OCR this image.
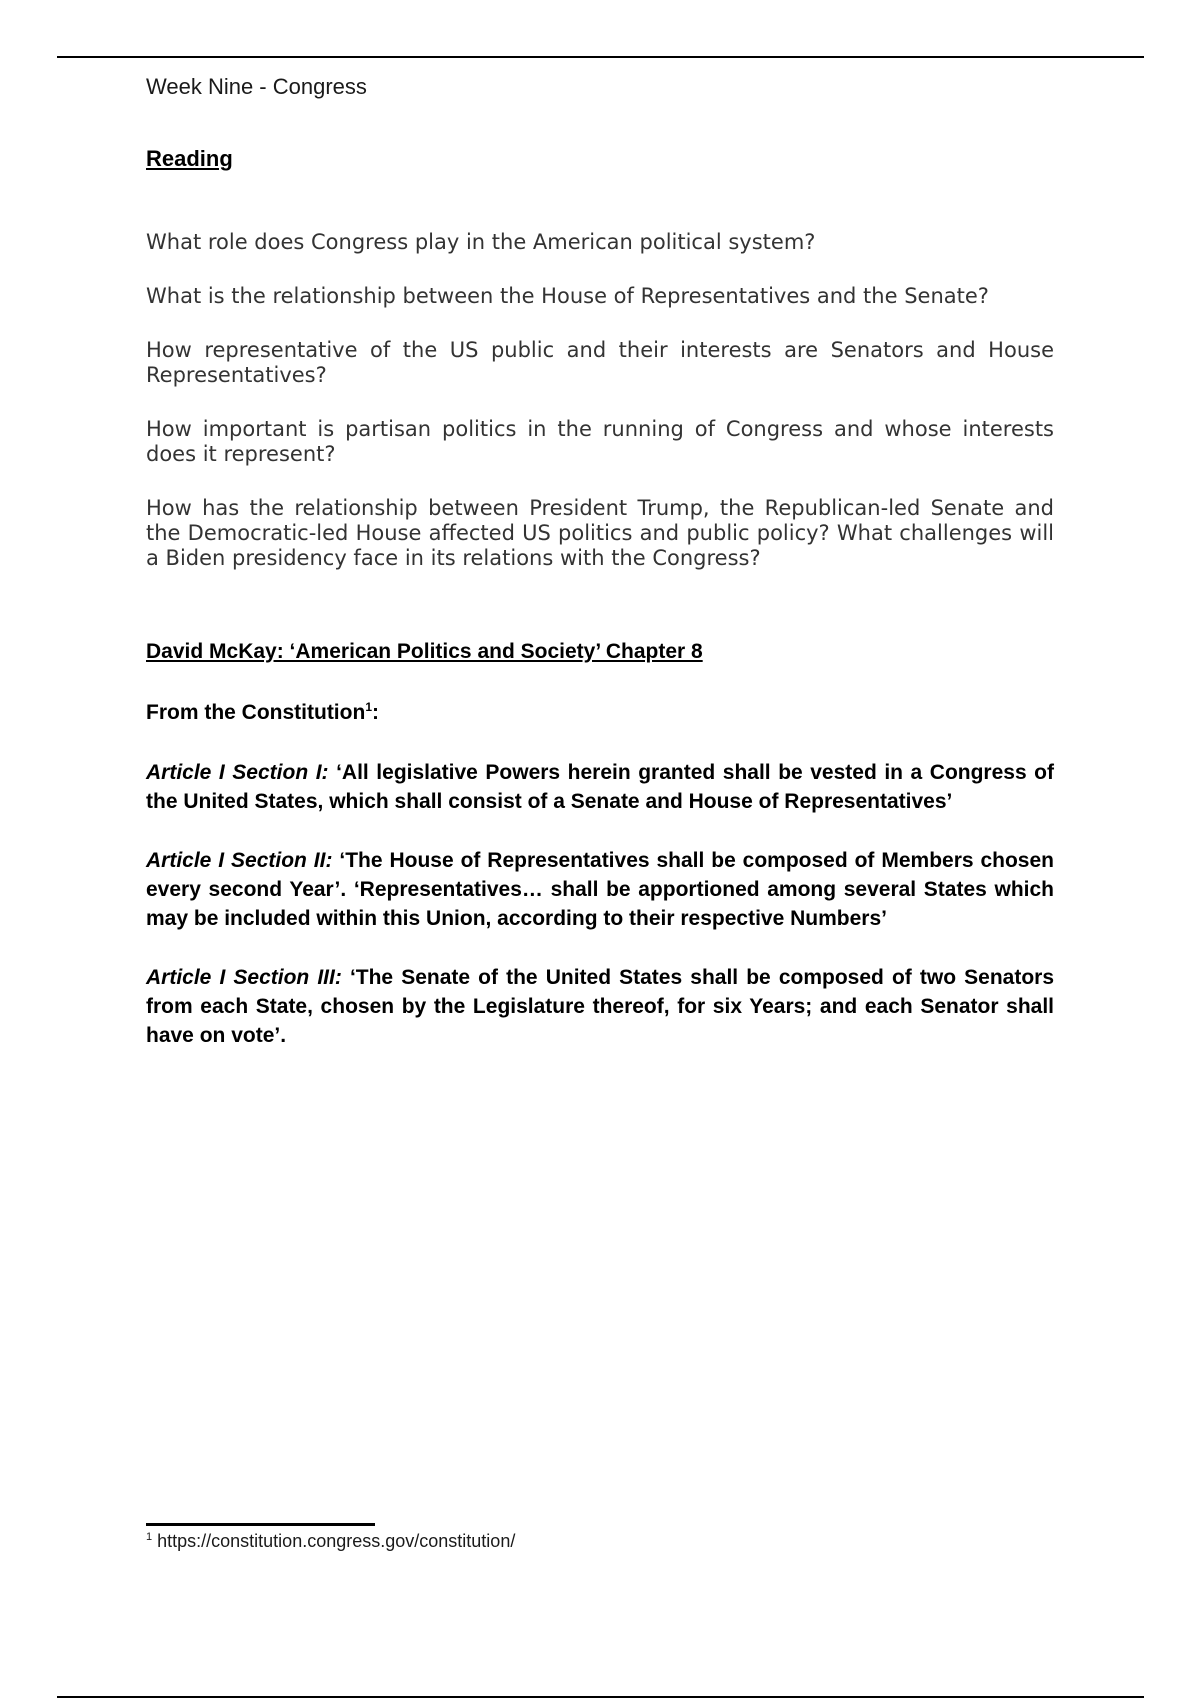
Week Nine - Congress
Reading
What role does Congress play in the American political system?
What is the relationship between the House of Representatives and the Senate?
How representative of the US public and their interests are Senators and House Representatives?
How important is partisan politics in the running of Congress and whose interests does it represent?
How has the relationship between President Trump, the Republican-led Senate and the Democratic-led House affected US politics and public policy? What challenges will a Biden presidency face in its relations with the Congress?
David McKay: ‘American Politics and Society’ Chapter 8
From the Constitution$^1$:

Article I Section I: ‘All legislative Powers herein granted shall be vested in a Congress of the United States, which shall consist of a Senate and House of Representatives’

Article I Section II: ‘The House of Representatives shall be composed of Members chosen every second Year’. ‘Representatives… shall be apportioned among several States which may be included within this Union, according to their respective Numbers’

Article I Section III: ‘The Senate of the United States shall be composed of two Senators from each State, chosen by the Legislature thereof, for six Years; and each Senator shall have on vote’.

$^1$ https://constitution.congress.gov/constitution/
